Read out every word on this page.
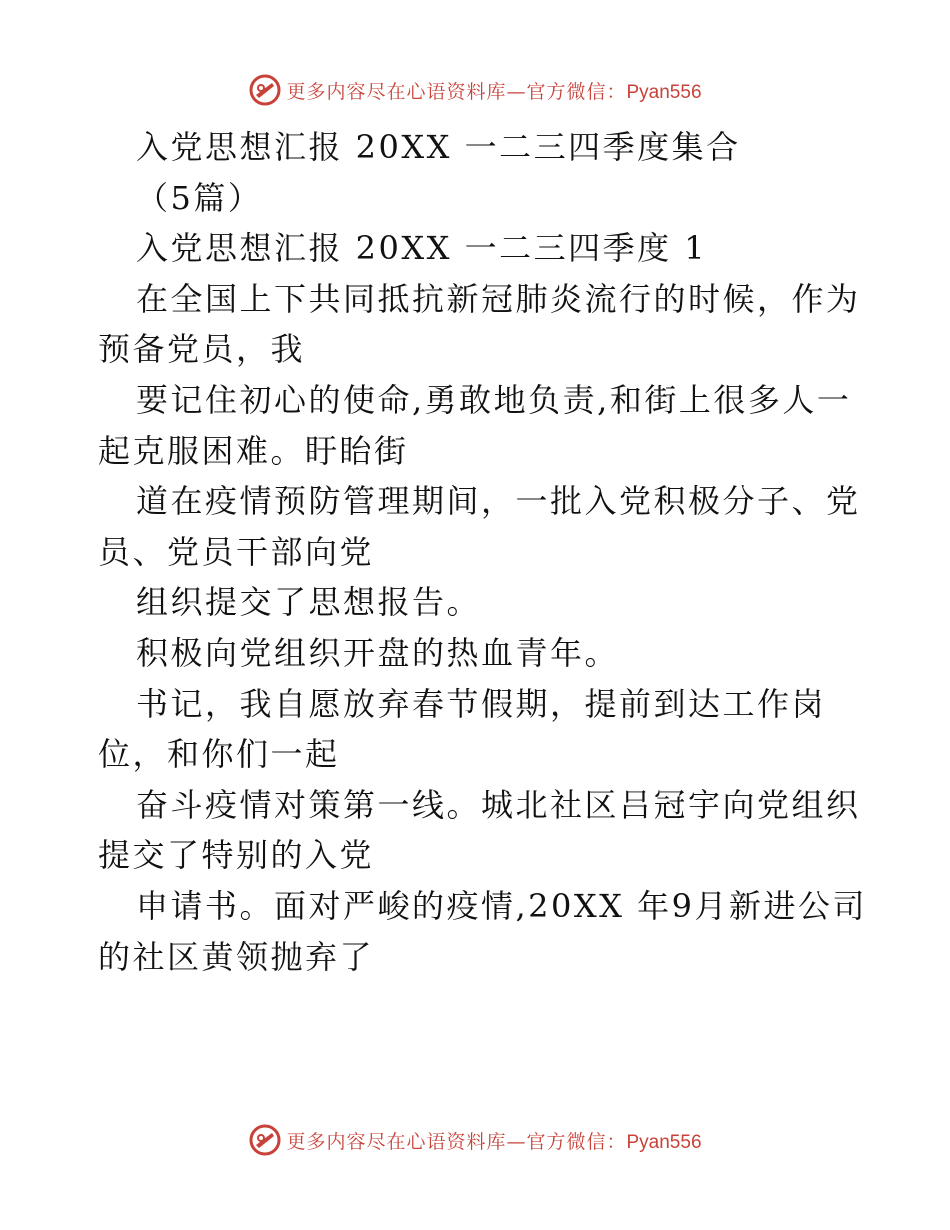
更多内容尽在心语资料库—官方微信：Pyan556
入党思想汇报 20XX 一二三四季度集合
（5篇）
入党思想汇报 20XX 一二三四季度 1
在全国上下共同抵抗新冠肺炎流行的时候，作为
预备党员，我
要记住初心的使命,勇敢地负责,和街上很多人一
起克服困难。盱眙街
道在疫情预防管理期间，一批入党积极分子、党
员、党员干部向党
组织提交了思想报告。
积极向党组织开盘的热血青年。
书记，我自愿放弃春节假期，提前到达工作岗
位，和你们一起
奋斗疫情对策第一线。城北社区吕冠宇向党组织
提交了特别的入党
申请书。面对严峻的疫情,20XX 年9月新进公司
的社区黄领抛弃了
更多内容尽在心语资料库—官方微信：Pyan556
